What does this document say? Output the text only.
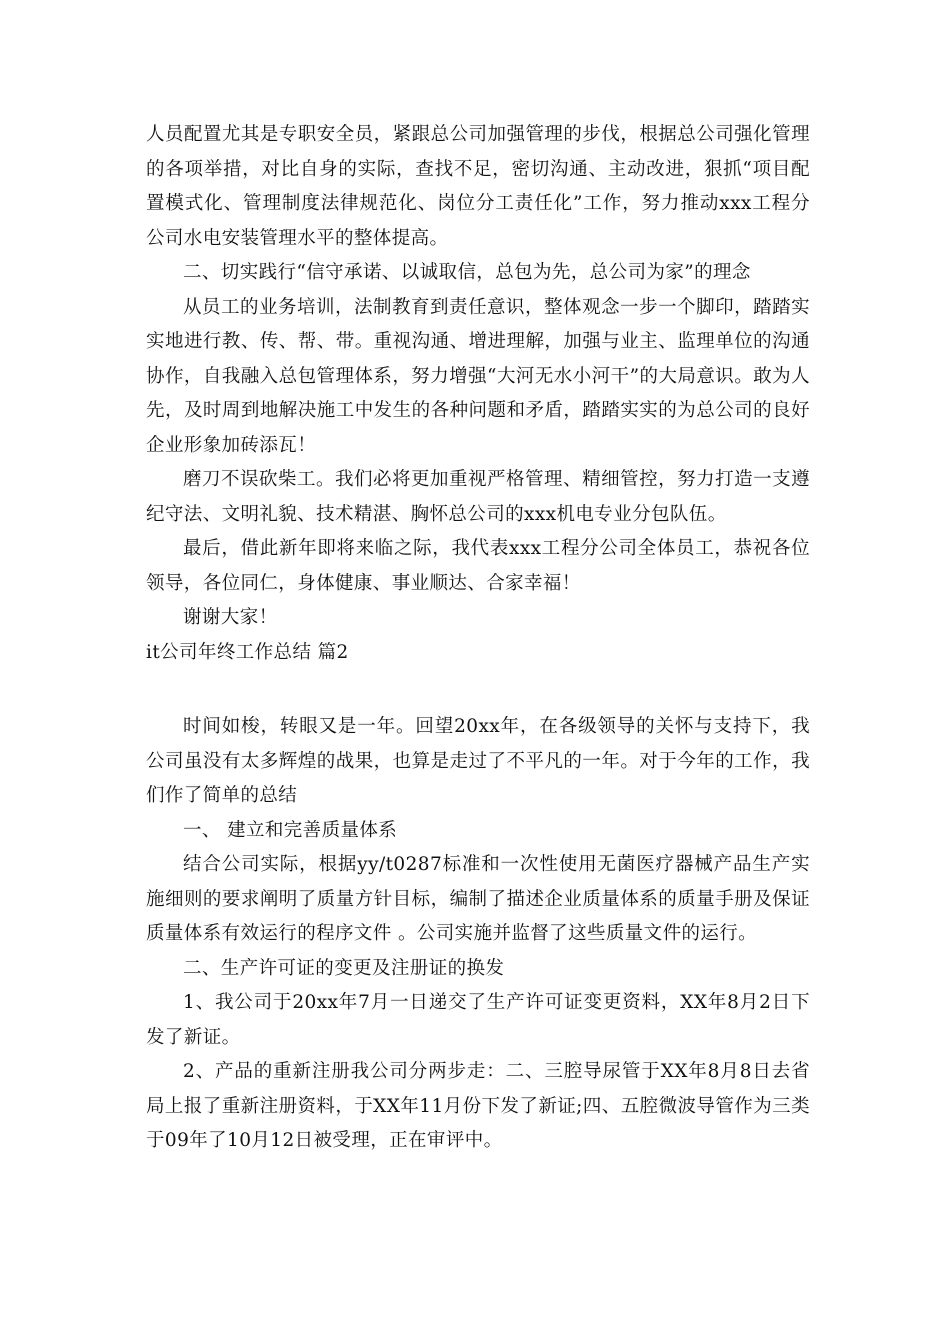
人员配置尤其是专职安全员，紧跟总公司加强管理的步伐，根据总公司强化管理的各项举措，对比自身的实际，查找不足，密切沟通、主动改进，狠抓“项目配置模式化、管理制度法律规范化、岗位分工责任化”工作，努力推动xxx工程分公司水电安装管理水平的整体提高。

二、切实践行“信守承诺、以诚取信，总包为先，总公司为家”的理念

从员工的业务培训，法制教育到责任意识，整体观念一步一个脚印，踏踏实实地进行教、传、帮、带。重视沟通、增进理解，加强与业主、监理单位的沟通协作，自我融入总包管理体系，努力增强“大河无水小河干”的大局意识。敢为人先，及时周到地解决施工中发生的各种问题和矛盾，踏踏实实的为总公司的良好企业形象加砖添瓦！

磨刀不误砍柴工。我们必将更加重视严格管理、精细管控，努力打造一支遵纪守法、文明礼貌、技术精湛、胸怀总公司的xxx机电专业分包队伍。

最后，借此新年即将来临之际，我代表xxx工程分公司全体员工，恭祝各位领导，各位同仁，身体健康、事业顺达、合家幸福！

谢谢大家！

it公司年终工作总结 篇2

时间如梭，转眼又是一年。回望20xx年，在各级领导的关怀与支持下，我公司虽没有太多辉煌的战果，也算是走过了不平凡的一年。对于今年的工作，我们作了简单的总结

一、 建立和完善质量体系

结合公司实际，根据yy/t0287标准和一次性使用无菌医疗器械产品生产实施细则的要求阐明了质量方针目标，编制了描述企业质量体系的质量手册及保证质量体系有效运行的程序文件 。公司实施并监督了这些质量文件的运行。

二、生产许可证的变更及注册证的换发

1、我公司于20xx年7月一日递交了生产许可证变更资料，XX年8月2日下发了新证。

2、产品的重新注册我公司分两步走：二、三腔导尿管于XX年8月8日去省局上报了重新注册资料，于XX年11月份下发了新证;四、五腔微波导管作为三类于09年了10月12日被受理，正在审评中。
